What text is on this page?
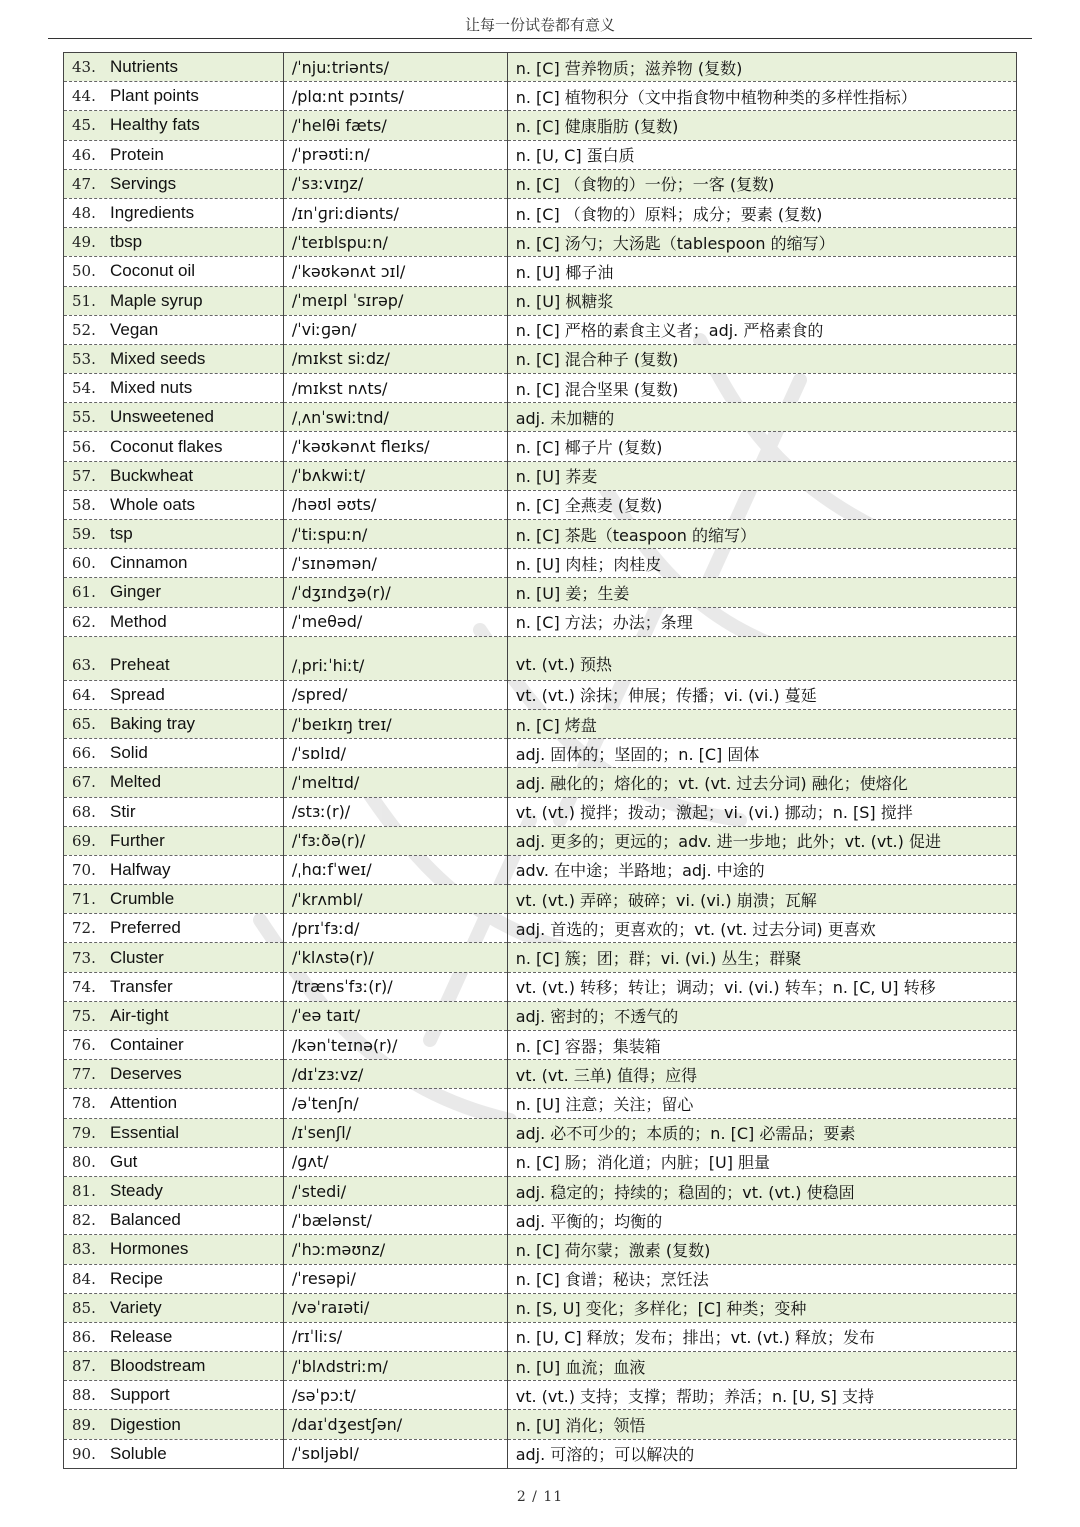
让每一份试卷都有意义
43. Nutrients	/ˈnjuːtriənts/	n. [C] 营养物质；滋养物 (复数)
44. Plant points	/plɑːnt pɔɪnts/	n. [C] 植物积分（文中指食物中植物种类的多样性指标）
45. Healthy fats	/ˈhelθi fæts/	n. [C] 健康脂肪 (复数)
46. Protein	/ˈprəʊtiːn/	n. [U, C] 蛋白质
47. Servings	/ˈsɜːvɪŋz/	n. [C] （食物的）一份；一客 (复数)
48. Ingredients	/ɪnˈɡriːdiənts/	n. [C] （食物的）原料；成分；要素 (复数)
49. tbsp	/ˈteɪblspuːn/	n. [C] 汤勺；大汤匙（tablespoon 的缩写）
50. Coconut oil	/ˈkəʊkənʌt ɔɪl/	n. [U] 椰子油
51. Maple syrup	/ˈmeɪpl ˈsɪrəp/	n. [U] 枫糖浆
52. Vegan	/ˈviːɡən/	n. [C] 严格的素食主义者；adj. 严格素食的
53. Mixed seeds	/mɪkst siːdz/	n. [C] 混合种子 (复数)
54. Mixed nuts	/mɪkst nʌts/	n. [C] 混合坚果 (复数)
55. Unsweetened	/ˌʌnˈswiːtnd/	adj. 未加糖的
56. Coconut flakes	/ˈkəʊkənʌt fleɪks/	n. [C] 椰子片 (复数)
57. Buckwheat	/ˈbʌkwiːt/	n. [U] 荞麦
58. Whole oats	/həʊl əʊts/	n. [C] 全燕麦 (复数)
59. tsp	/ˈtiːspuːn/	n. [C] 茶匙（teaspoon 的缩写）
60. Cinnamon	/ˈsɪnəmən/	n. [U] 肉桂；肉桂皮
61. Ginger	/ˈdʒɪndʒə(r)/	n. [U] 姜；生姜
62. Method	/ˈmeθəd/	n. [C] 方法；办法；条理
63. Preheat	/ˌpriːˈhiːt/	vt. (vt.) 预热
64. Spread	/spred/	vt. (vt.) 涂抹；伸展；传播；vi. (vi.) 蔓延
65. Baking tray	/ˈbeɪkɪŋ treɪ/	n. [C] 烤盘
66. Solid	/ˈsɒlɪd/	adj. 固体的；坚固的；n. [C] 固体
67. Melted	/ˈmeltɪd/	adj. 融化的；熔化的；vt. (vt. 过去分词) 融化；使熔化
68. Stir	/stɜː(r)/	vt. (vt.) 搅拌；拨动；激起；vi. (vi.) 挪动；n. [S] 搅拌
69. Further	/ˈfɜːðə(r)/	adj. 更多的；更远的；adv. 进一步地；此外；vt. (vt.) 促进
70. Halfway	/ˌhɑːfˈweɪ/	adv. 在中途；半路地；adj. 中途的
71. Crumble	/ˈkrʌmbl/	vt. (vt.) 弄碎；破碎；vi. (vi.) 崩溃；瓦解
72. Preferred	/prɪˈfɜːd/	adj. 首选的；更喜欢的；vt. (vt. 过去分词) 更喜欢
73. Cluster	/ˈklʌstə(r)/	n. [C] 簇；团；群；vi. (vi.) 丛生；群聚
74. Transfer	/trænsˈfɜː(r)/	vt. (vt.) 转移；转让；调动；vi. (vi.) 转车；n. [C, U] 转移
75. Air-tight	/ˈeə taɪt/	adj. 密封的；不透气的
76. Container	/kənˈteɪnə(r)/	n. [C] 容器；集装箱
77. Deserves	/dɪˈzɜːvz/	vt. (vt. 三单) 值得；应得
78. Attention	/əˈtenʃn/	n. [U] 注意；关注；留心
79. Essential	/ɪˈsenʃl/	adj. 必不可少的；本质的；n. [C] 必需品；要素
80. Gut	/ɡʌt/	n. [C] 肠；消化道；内脏；[U] 胆量
81. Steady	/ˈstedi/	adj. 稳定的；持续的；稳固的；vt. (vt.) 使稳固
82. Balanced	/ˈbælənst/	adj. 平衡的；均衡的
83. Hormones	/ˈhɔːməʊnz/	n. [C] 荷尔蒙；激素 (复数)
84. Recipe	/ˈresəpi/	n. [C] 食谱；秘诀；烹饪法
85. Variety	/vəˈraɪəti/	n. [S, U] 变化；多样化；[C] 种类；变种
86. Release	/rɪˈliːs/	n. [U, C] 释放；发布；排出；vt. (vt.) 释放；发布
87. Bloodstream	/ˈblʌdstriːm/	n. [U] 血流；血液
88. Support	/səˈpɔːt/	vt. (vt.) 支持；支撑；帮助；养活；n. [U, S] 支持
89. Digestion	/daɪˈdʒestʃən/	n. [U] 消化；领悟
90. Soluble	/ˈsɒljəbl/	adj. 可溶的；可以解决的
2 / 11
